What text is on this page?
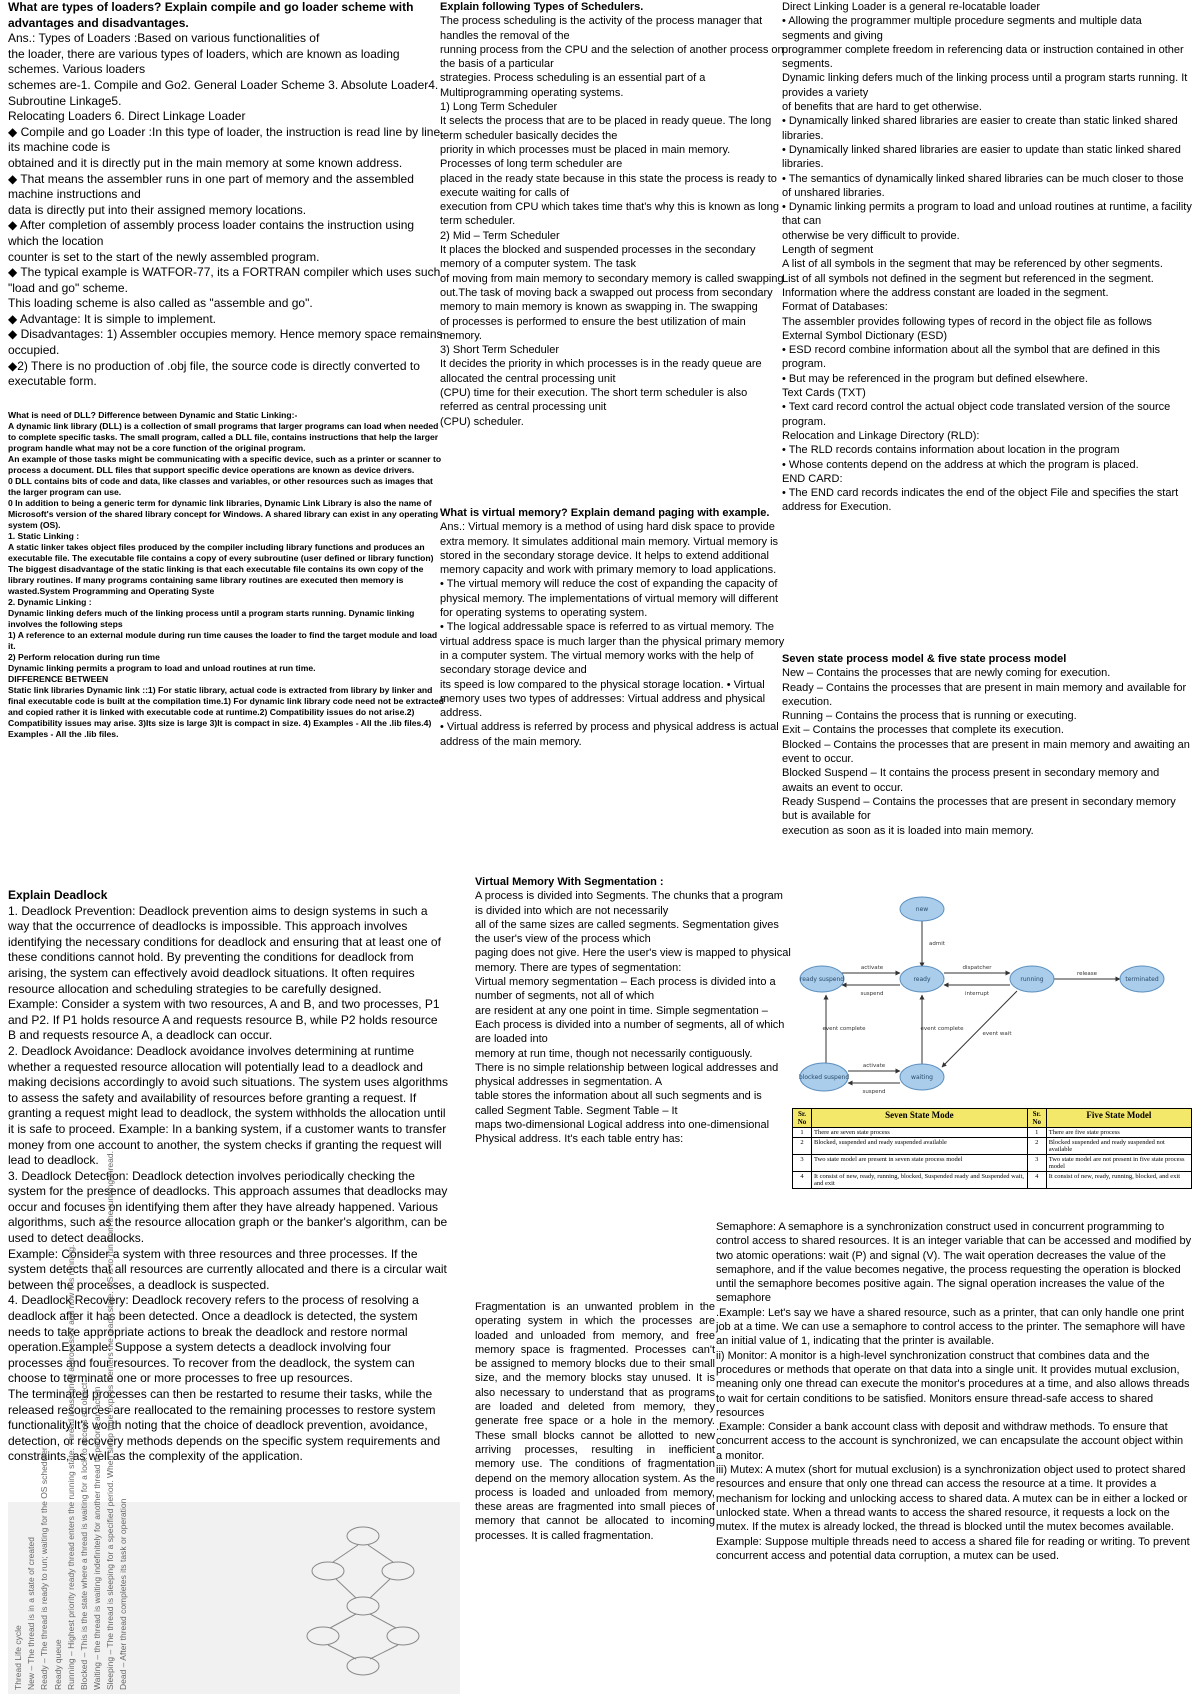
What are types of loaders? Explain compile and go loader scheme with advantages and disadvantages.

Ans.: Types of Loaders :Based on various functionalities of

the loader, there are various types of loaders, which are known as loading schemes. Various loaders

schemes are-1. Compile and Go2. General Loader Scheme 3. Absolute Loader4. Subroutine Linkage5.

Relocating Loaders 6. Direct Linkage Loader

◆ Compile and go Loader :In this type of loader, the instruction is read line by line, its machine code is

obtained and it is directly put in the main memory at some known address.

◆ That means the assembler runs in one part of memory and the assembled machine instructions and

data is directly put into their assigned memory locations.

◆ After completion of assembly process loader contains the instruction using which the location

counter is set to the start of the newly assembled program.

◆ The typical example is WATFOR-77, its a FORTRAN compiler which uses such "load and go" scheme.

This loading scheme is also called as "assemble and go".

◆ Advantage: It is simple to implement.

◆ Disadvantages: 1) Assembler occupies memory. Hence memory space remains occupied.

◆2) There is no production of .obj file, the source code is directly converted to executable form.

What is need of DLL? Difference between Dynamic and Static Linking:-

A dynamic link library (DLL) is a collection of small programs that larger programs can load when needed to complete specific tasks. The small program, called a DLL file, contains instructions that help the larger program handle what may not be a core function of the original program.

An example of those tasks might be communicating with a specific device, such as a printer or scanner to process a document. DLL files that support specific device operations are known as device drivers.

0 DLL contains bits of code and data, like classes and variables, or other resources such as images that the larger program can use.

0 In addition to being a generic term for dynamic link libraries, Dynamic Link Library is also the name of Microsoft's version of the shared library concept for Windows. A shared library can exist in any operating system (OS).

1. Static Linking :

A static linker takes object files produced by the compiler including library functions and produces an

executable file. The executable file contains a copy of every subroutine (user defined or library function) The biggest disadvantage of the static linking is that each executable file contains its own copy of the library routines. If many programs containing same library routines are executed then memory is wasted.System Programming and Operating Syste

2. Dynamic Linking :

Dynamic linking defers much of the linking process until a program starts running. Dynamic linking involves the following steps

1) A reference to an external module during run time causes the loader to find the target module and load it.

2) Perform relocation during run time

Dynamic linking permits a program to load and unload routines at run time.

DIFFERENCE BETWEEN

Static link libraries Dynamic link ::1) For static library, actual code is extracted from library by linker and final executable code is built at the compilation time.1) For dynamic link library code need not be extracted and copied rather it is linked with executable code at runtime.2) Compatibility issues do not arise.2) Compatibility issues may arise. 3)Its size is large 3)It is compact in size. 4) Examples - All the .lib files.4) Examples - All the .lib files.

Explain Deadlock

1. Deadlock Prevention: Deadlock prevention aims to design systems in such a way that the occurrence of deadlocks is impossible. This approach involves identifying the necessary conditions for deadlock and ensuring that at least one of these conditions cannot hold. By preventing the conditions for deadlock from arising, the system can effectively avoid deadlock situations. It often requires resource allocation and scheduling strategies to be carefully designed.

Example: Consider a system with two resources, A and B, and two processes, P1 and P2. If P1 holds resource A and requests resource B, while P2 holds resource B and requests resource A, a deadlock can occur.

2. Deadlock Avoidance: Deadlock avoidance involves determining at runtime whether a requested resource allocation will potentially lead to a deadlock and making decisions accordingly to avoid such situations. The system uses algorithms to assess the safety and availability of resources before granting a request. If granting a request might lead to deadlock, the system withholds the allocation until it is safe to proceed. Example: In a banking system, if a customer wants to transfer money from one account to another, the system checks if granting the request will lead to deadlock.

3. Deadlock Detection: Deadlock detection involves periodically checking the system for the presence of deadlocks. This approach assumes that deadlocks may occur and focuses on identifying them after they have already happened. Various algorithms, such as the resource allocation graph or the banker's algorithm, can be used to detect deadlocks.

Example: Consider a system with three resources and three processes. If the system detects that all resources are currently allocated and there is a circular wait between the processes, a deadlock is suspected.

4. Deadlock Recovery: Deadlock recovery refers to the process of resolving a deadlock after it has been detected. Once a deadlock is detected, the system needs to take appropriate actions to break the deadlock and restore normal operation.Example: Suppose a system detects a deadlock involving four processes and four resources. To recover from the deadlock, the system can choose to terminate one or more processes to free up resources.

The terminated processes can then be restarted to resume their tasks, while the released resources are reallocated to the remaining processes to restore system functionality.It's worth noting that the choice of deadlock prevention, avoidance, detection, or recovery methods depends on the specific system requirements and constraints, as well as the complexity of the application.

Thread Life cycle New – The thread is in a state of created Ready – The thread is ready to run; waiting for the OS scheduler Ready queue Running – Highest priority ready thread enters the running state. Thread is assigned a processor and now it is running. Blocked – This is the state where a thread is waiting for a lock to access an object. Waiting – the thread is waiting indefinitely for another thread to perform an action Sleeping – The thread is sleeping for a specified period. When sleep time expires it enters the ready state. OS is to run from the running thread. Dead – After thread completes its task or operation

Explain following Types of Schedulers.

The process scheduling is the activity of the process manager that handles the removal of the

running process from the CPU and the selection of another process on the basis of a particular

strategies. Process scheduling is an essential part of a Multiprogramming operating systems.

1) Long Term Scheduler

It selects the process that are to be placed in ready queue. The long term scheduler basically decides the

priority in which processes must be placed in main memory. Processes of long term scheduler are

placed in the ready state because in this state the process is ready to execute waiting for calls of

execution from CPU which takes time that's why this is known as long term scheduler.

2) Mid – Term Scheduler

It places the blocked and suspended processes in the secondary memory of a computer system. The task

of moving from main memory to secondary memory is called swapping out.The task of moving back a swapped out process from secondary memory to main memory is known as swapping in. The swapping

of processes is performed to ensure the best utilization of main memory.

3) Short Term Scheduler

It decides the priority in which processes is in the ready queue are allocated the central processing unit

(CPU) time for their execution. The short term scheduler is also referred as central processing unit

(CPU) scheduler.

What is virtual memory? Explain demand paging with example.

Ans.: Virtual memory is a method of using hard disk space to provide extra memory. It simulates additional main memory. Virtual memory is stored in the secondary storage device. It helps to extend additional memory capacity and work with primary memory to load applications.

• The virtual memory will reduce the cost of expanding the capacity of physical memory. The implementations of virtual memory will different for operating systems to operating system.

• The logical addressable space is referred to as virtual memory. The virtual address space is much larger than the physical primary memory in a computer system. The virtual memory works with the help of secondary storage device and

its speed is low compared to the physical storage location. • Virtual memory uses two types of addresses: Virtual address and physical address.

• Virtual address is referred by process and physical address is actual address of the main memory.

Virtual Memory With Segmentation :

A process is divided into Segments. The chunks that a program is divided into which are not necessarily

all of the same sizes are called segments. Segmentation gives the user's view of the process which

paging does not give. Here the user's view is mapped to physical memory. There are types of segmentation:

Virtual memory segmentation – Each process is divided into a number of segments, not all of which

are resident at any one point in time. Simple segmentation – Each process is divided into a number of segments, all of which are loaded into

memory at run time, though not necessarily contiguously.

There is no simple relationship between logical addresses and physical addresses in segmentation. A

table stores the information about all such segments and is called Segment Table. Segment Table – It

maps two-dimensional Logical address into one-dimensional Physical address. It's each table entry has:

Fragmentation is an unwanted problem in the operating system in which the processes are loaded and unloaded from memory, and free memory space is fragmented. Processes can't be assigned to memory blocks due to their small size, and the memory blocks stay unused. It is also necessary to understand that as programs are loaded and deleted from memory, they generate free space or a hole in the memory. These small blocks cannot be allotted to new arriving processes, resulting in inefficient memory use. The conditions of fragmentation depend on the memory allocation system. As the process is loaded and unloaded from memory, these areas are fragmented into small pieces of memory that cannot be allocated to incoming processes. It is called fragmentation.

Direct Linking Loader is a general re-locatable loader

• Allowing the programmer multiple procedure segments and multiple data segments and giving

programmer complete freedom in referencing data or instruction contained in other segments.

Dynamic linking defers much of the linking process until a program starts running. It provides a variety

of benefits that are hard to get otherwise.

• Dynamically linked shared libraries are easier to create than static linked shared libraries.

• Dynamically linked shared libraries are easier to update than static linked shared libraries.

• The semantics of dynamically linked shared libraries can be much closer to those of unshared libraries.

• Dynamic linking permits a program to load and unload routines at runtime, a facility that can

otherwise be very difficult to provide.

Length of segment

A list of all symbols in the segment that may be referenced by other segments.

List of all symbols not defined in the segment but referenced in the segment.

Information where the address constant are loaded in the segment.

Format of Databases:

The assembler provides following types of record in the object file as follows

External Symbol Dictionary (ESD)

• ESD record combine information about all the symbol that are defined in this program.

• But may be referenced in the program but defined elsewhere.

Text Cards (TXT)

• Text card record control the actual object code translated version of the source program.

Relocation and Linkage Directory (RLD):

• The RLD records contains information about location in the program

• Whose contents depend on the address at which the program is placed.

END CARD:

• The END card records indicates the end of the object File and specifies the start address for Execution.

Seven state process model & five state process model

New – Contains the processes that are newly coming for execution.

Ready – Contains the processes that are present in main memory and available for execution.

Running – Contains the process that is running or executing.

Exit – Contains the processes that complete its execution.

Blocked – Contains the processes that are present in main memory and awaiting an event to occur.

Blocked Suspend – It contains the process present in secondary memory and awaits an event to occur.

Ready Suspend – Contains the processes that are present in secondary memory but is available for

execution as soon as it is loaded into main memory.

new
ready suspend	ready	running	terminated
blocked suspend	waiting
admit
activate
suspend
dispatcher
interrupt
release
event complete	event complete
event wait
activate
suspend
Sr. No	Seven State Mode	Sr. No	Five State Model
1	There are seven state process	1	There are five state process
2	Blocked, suspended and ready suspended available	2	Blocked suspended and ready suspended not available
3	Two state model are present in seven state process model	3	Two state model are not present in five state process model
4	It consist of new, ready, running, blocked, Suspended ready and Suspended wait, and exit	4	It consist of new, ready, running, blocked, and exit

Semaphore: A semaphore is a synchronization construct used in concurrent programming to control access to shared resources. It is an integer variable that can be accessed and modified by two atomic operations: wait (P) and signal (V). The wait operation decreases the value of the semaphore, and if the value becomes negative, the process requesting the operation is blocked until the semaphore becomes positive again. The signal operation increases the value of the semaphore

.Example: Let's say we have a shared resource, such as a printer, that can only handle one print job at a time. We can use a semaphore to control access to the printer. The semaphore will have an initial value of 1, indicating that the printer is available.

ii) Monitor: A monitor is a high-level synchronization construct that combines data and the procedures or methods that operate on that data into a single unit. It provides mutual exclusion, meaning only one thread can execute the monitor's procedures at a time, and also allows threads to wait for certain conditions to be satisfied. Monitors ensure thread-safe access to shared resources

.Example: Consider a bank account class with deposit and withdraw methods. To ensure that concurrent access to the account is synchronized, we can encapsulate the account object within a monitor.

iii) Mutex: A mutex (short for mutual exclusion) is a synchronization object used to protect shared resources and ensure that only one thread can access the resource at a time. It provides a mechanism for locking and unlocking access to shared data. A mutex can be in either a locked or unlocked state. When a thread wants to access the shared resource, it requests a lock on the mutex. If the mutex is already locked, the thread is blocked until the mutex becomes available.

Example: Suppose multiple threads need to access a shared file for reading or writing. To prevent concurrent access and potential data corruption, a mutex can be used.
